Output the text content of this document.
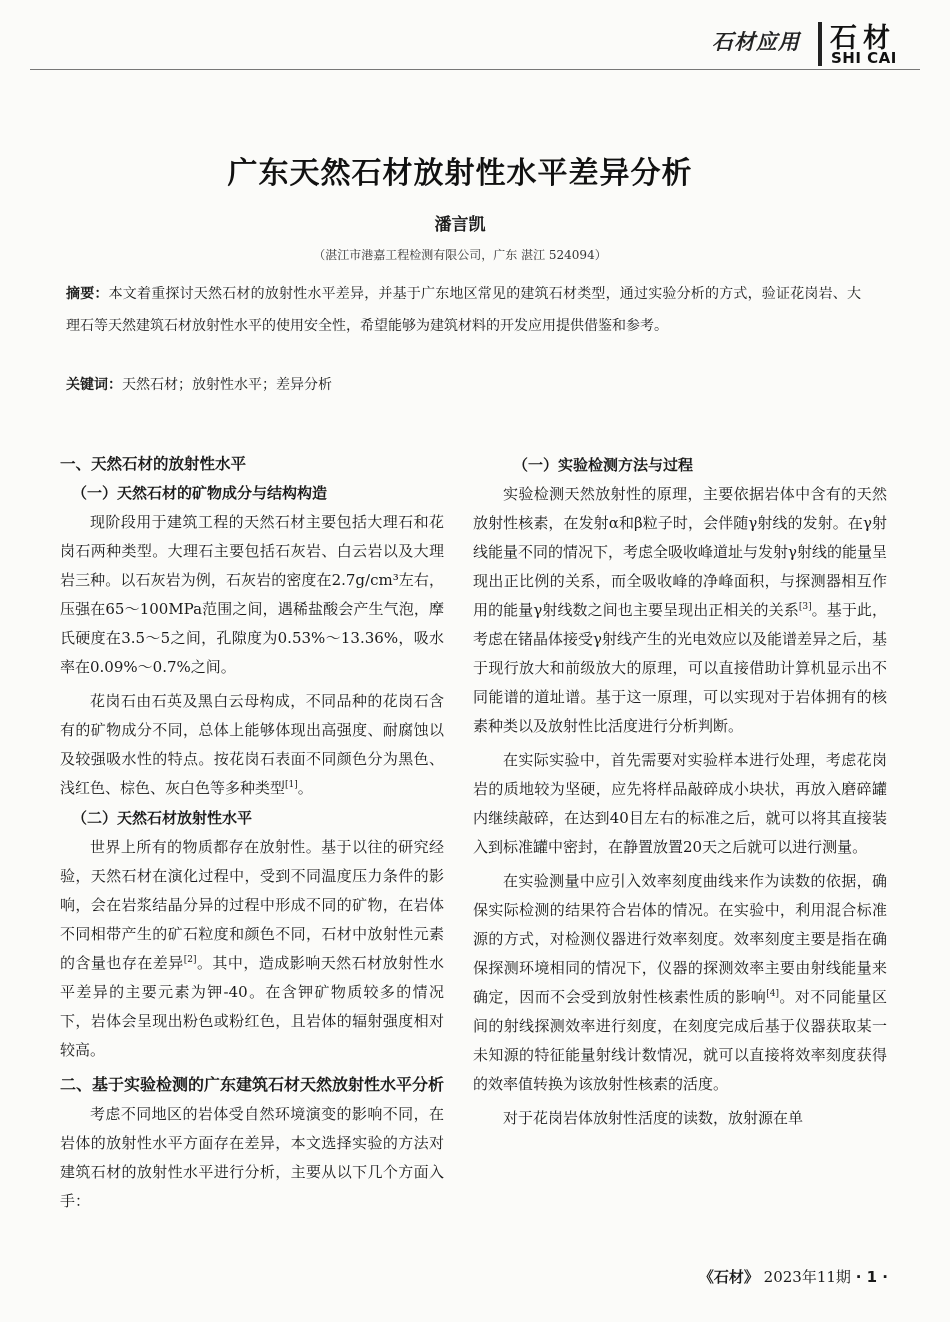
石材应用 石材
SHI CAI
广东天然石材放射性水平差异分析
潘言凯
（湛江市港嘉工程检测有限公司，广东 湛江 524094）
摘要：本文着重探讨天然石材的放射性水平差异，并基于广东地区常见的建筑石材类型，通过实验分析的方式，验证花岗岩、大理石等天然建筑石材放射性水平的使用安全性，希望能够为建筑材料的开发应用提供借鉴和参考。
关键词：天然石材；放射性水平；差异分析
一、天然石材的放射性水平
（一）天然石材的矿物成分与结构构造

现阶段用于建筑工程的天然石材主要包括大理石和花岗石两种类型。大理石主要包括石灰岩、白云岩以及大理岩三种。以石灰岩为例，石灰岩的密度在2.7g/cm³左右，压强在65～100MPa范围之间，遇稀盐酸会产生气泡，摩氏硬度在3.5～5之间，孔隙度为0.53%～13.36%，吸水率在0.09%～0.7%之间。

花岗石由石英及黑白云母构成，不同品种的花岗石含有的矿物成分不同，总体上能够体现出高强度、耐腐蚀以及较强吸水性的特点。按花岗石表面不同颜色分为黑色、浅红色、棕色、灰白色等多种类型[1]。

（二）天然石材放射性水平

世界上所有的物质都存在放射性。基于以往的研究经验，天然石材在演化过程中，受到不同温度压力条件的影响，会在岩浆结晶分异的过程中形成不同的矿物，在岩体不同相带产生的矿石粒度和颜色不同，石材中放射性元素的含量也存在差异[2]。其中，造成影响天然石材放射性水平差异的主要元素为钾-40。在含钾矿物质较多的情况下，岩体会呈现出粉色或粉红色，且岩体的辐射强度相对较高。

二、基于实验检测的广东建筑石材天然放射性水平分析

考虑不同地区的岩体受自然环境演变的影响不同，在岩体的放射性水平方面存在差异，本文选择实验的方法对建筑石材的放射性水平进行分析，主要从以下几个方面入手：

（一）实验检测方法与过程

实验检测天然放射性的原理，主要依据岩体中含有的天然放射性核素，在发射α和β粒子时，会伴随γ射线的发射。在γ射线能量不同的情况下，考虑全吸收峰道址与发射γ射线的能量呈现出正比例的关系，而全吸收峰的净峰面积，与探测器相互作用的能量γ射线数之间也主要呈现出正相关的关系[3]。基于此，考虑在锗晶体接受γ射线产生的光电效应以及能谱差异之后，基于现行放大和前级放大的原理，可以直接借助计算机显示出不同能谱的道址谱。基于这一原理，可以实现对于岩体拥有的核素种类以及放射性比活度进行分析判断。

在实际实验中，首先需要对实验样本进行处理，考虑花岗岩的质地较为坚硬，应先将样品敲碎成小块状，再放入磨碎罐内继续敲碎，在达到40目左右的标准之后，就可以将其直接装入到标准罐中密封，在静置放置20天之后就可以进行测量。

在实验测量中应引入效率刻度曲线来作为读数的依据，确保实际检测的结果符合岩体的情况。在实验中，利用混合标准源的方式，对检测仪器进行效率刻度。效率刻度主要是指在确保探测环境相同的情况下，仪器的探测效率主要由射线能量来确定，因而不会受到放射性核素性质的影响[4]。对不同能量区间的射线探测效率进行刻度，在刻度完成后基于仪器获取某一未知源的特征能量射线计数情况，就可以直接将效率刻度获得的效率值转换为该放射性核素的活度。

对于花岗岩体放射性活度的读数，放射源在单

《石材》 2023年11期 · 1 ·
